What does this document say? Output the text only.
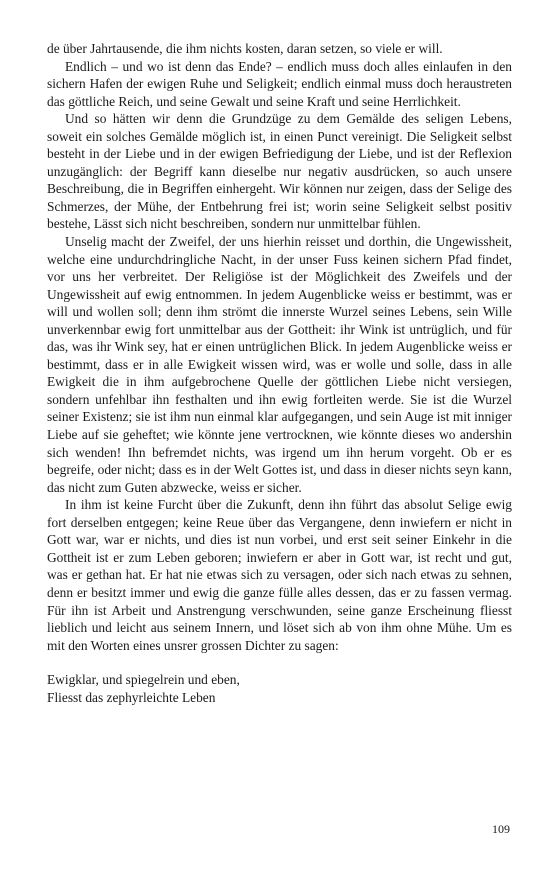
de über Jahrtausende, die ihm nichts kosten, daran setzen, so viele er will.

Endlich – und wo ist denn das Ende? – endlich muss doch alles einlaufen in den sichern Hafen der ewigen Ruhe und Seligkeit; endlich einmal muss doch heraustreten das göttliche Reich, und seine Gewalt und seine Kraft und seine Herrlichkeit.

Und so hätten wir denn die Grundzüge zu dem Gemälde des seligen Lebens, soweit ein solches Gemälde möglich ist, in einen Punct vereinigt. Die Seligkeit selbst besteht in der Liebe und in der ewigen Befriedigung der Liebe, und ist der Reflexion unzugänglich: der Begriff kann dieselbe nur negativ ausdrücken, so auch unsere Beschreibung, die in Begriffen einhergeht. Wir können nur zeigen, dass der Selige des Schmerzes, der Mühe, der Entbehrung frei ist; worin seine Seligkeit selbst positiv bestehe, Lässt sich nicht beschreiben, sondern nur unmittelbar fühlen.

Unselig macht der Zweifel, der uns hierhin reisset und dorthin, die Ungewissheit, welche eine undurchdringliche Nacht, in der unser Fuss keinen sichern Pfad findet, vor uns her verbreitet. Der Religiöse ist der Möglichkeit des Zweifels und der Ungewissheit auf ewig entnommen. In jedem Augenblicke weiss er bestimmt, was er will und wollen soll; denn ihm strömt die innerste Wurzel seines Lebens, sein Wille unverkennbar ewig fort unmittelbar aus der Gottheit: ihr Wink ist untrüglich, und für das, was ihr Wink sey, hat er einen untrüglichen Blick. In jedem Augenblicke weiss er bestimmt, dass er in alle Ewigkeit wissen wird, was er wolle und solle, dass in alle Ewigkeit die in ihm aufgebrochene Quelle der göttlichen Liebe nicht versiegen, sondern unfehlbar ihn festhalten und ihn ewig fortleiten werde. Sie ist die Wurzel seiner Existenz; sie ist ihm nun einmal klar aufgegangen, und sein Auge ist mit inniger Liebe auf sie geheftet; wie könnte jene vertrocknen, wie könnte dieses wo andershin sich wenden! Ihn befremdet nichts, was irgend um ihn herum vorgeht. Ob er es begreife, oder nicht; dass es in der Welt Gottes ist, und dass in dieser nichts seyn kann, das nicht zum Guten abzwecke, weiss er sicher.

In ihm ist keine Furcht über die Zukunft, denn ihn führt das absolut Selige ewig fort derselben entgegen; keine Reue über das Vergangene, denn inwiefern er nicht in Gott war, war er nichts, und dies ist nun vorbei, und erst seit seiner Einkehr in die Gottheit ist er zum Leben geboren; inwiefern er aber in Gott war, ist recht und gut, was er gethan hat. Er hat nie etwas sich zu versagen, oder sich nach etwas zu sehnen, denn er besitzt immer und ewig die ganze fülle alles dessen, das er zu fassen vermag. Für ihn ist Arbeit und Anstrengung verschwunden, seine ganze Erscheinung fliesst lieblich und leicht aus seinem Innern, und löset sich ab von ihm ohne Mühe. Um es mit den Worten eines unsrer grossen Dichter zu sagen:

Ewigklar, und spiegelrein und eben,
Fliesst das zephyrleichte Leben
109
